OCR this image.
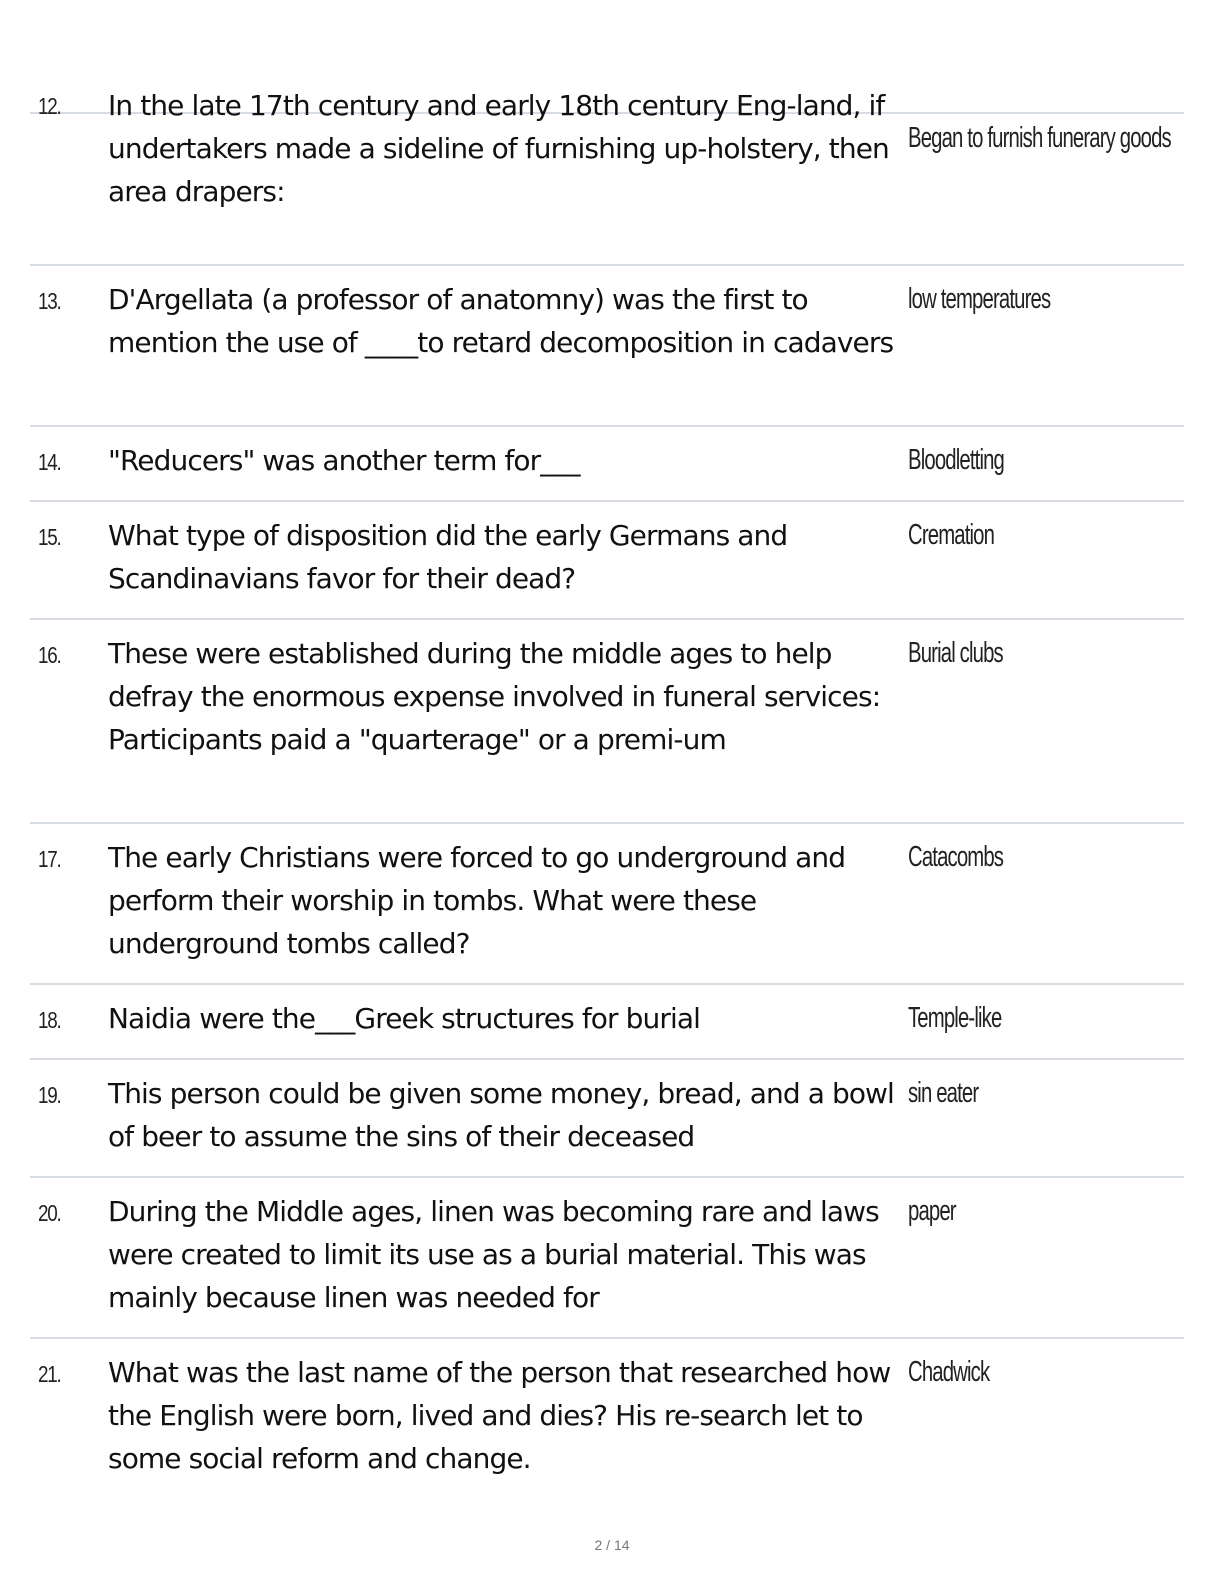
12. In the late 17th century and early 18th century Eng-land, if undertakers made a sideline of furnishing up-holstery, then area drapers:
Began to furnish funerary goods
13. D'Argellata (a professor of anatomny) was the first to mention the use of ____to retard decomposition in cadavers
low temperatures
14. "Reducers" was another term for___	Bloodletting
15. What type of disposition did the early Germans and Scandinavians favor for their dead?
Cremation
16. These were established during the middle ages to help defray the enormous expense involved in funeral services: Participants paid a "quarterage" or a premi-um
Burial clubs
17. The early Christians were forced to go underground and perform their worship in tombs. What were these underground tombs called?
Catacombs
18. Naidia were the___Greek structures for burial	Temple-like
19. This person could be given some money, bread, and a bowl of beer to assume the sins of their deceased
sin eater
20. During the Middle ages, linen was becoming rare and laws were created to limit its use as a burial material. This was mainly because linen was needed for
paper
21. What was the last name of the person that researched how the English were born, lived and dies? His re-search let to some social reform and change.
Chadwick
2 / 14
